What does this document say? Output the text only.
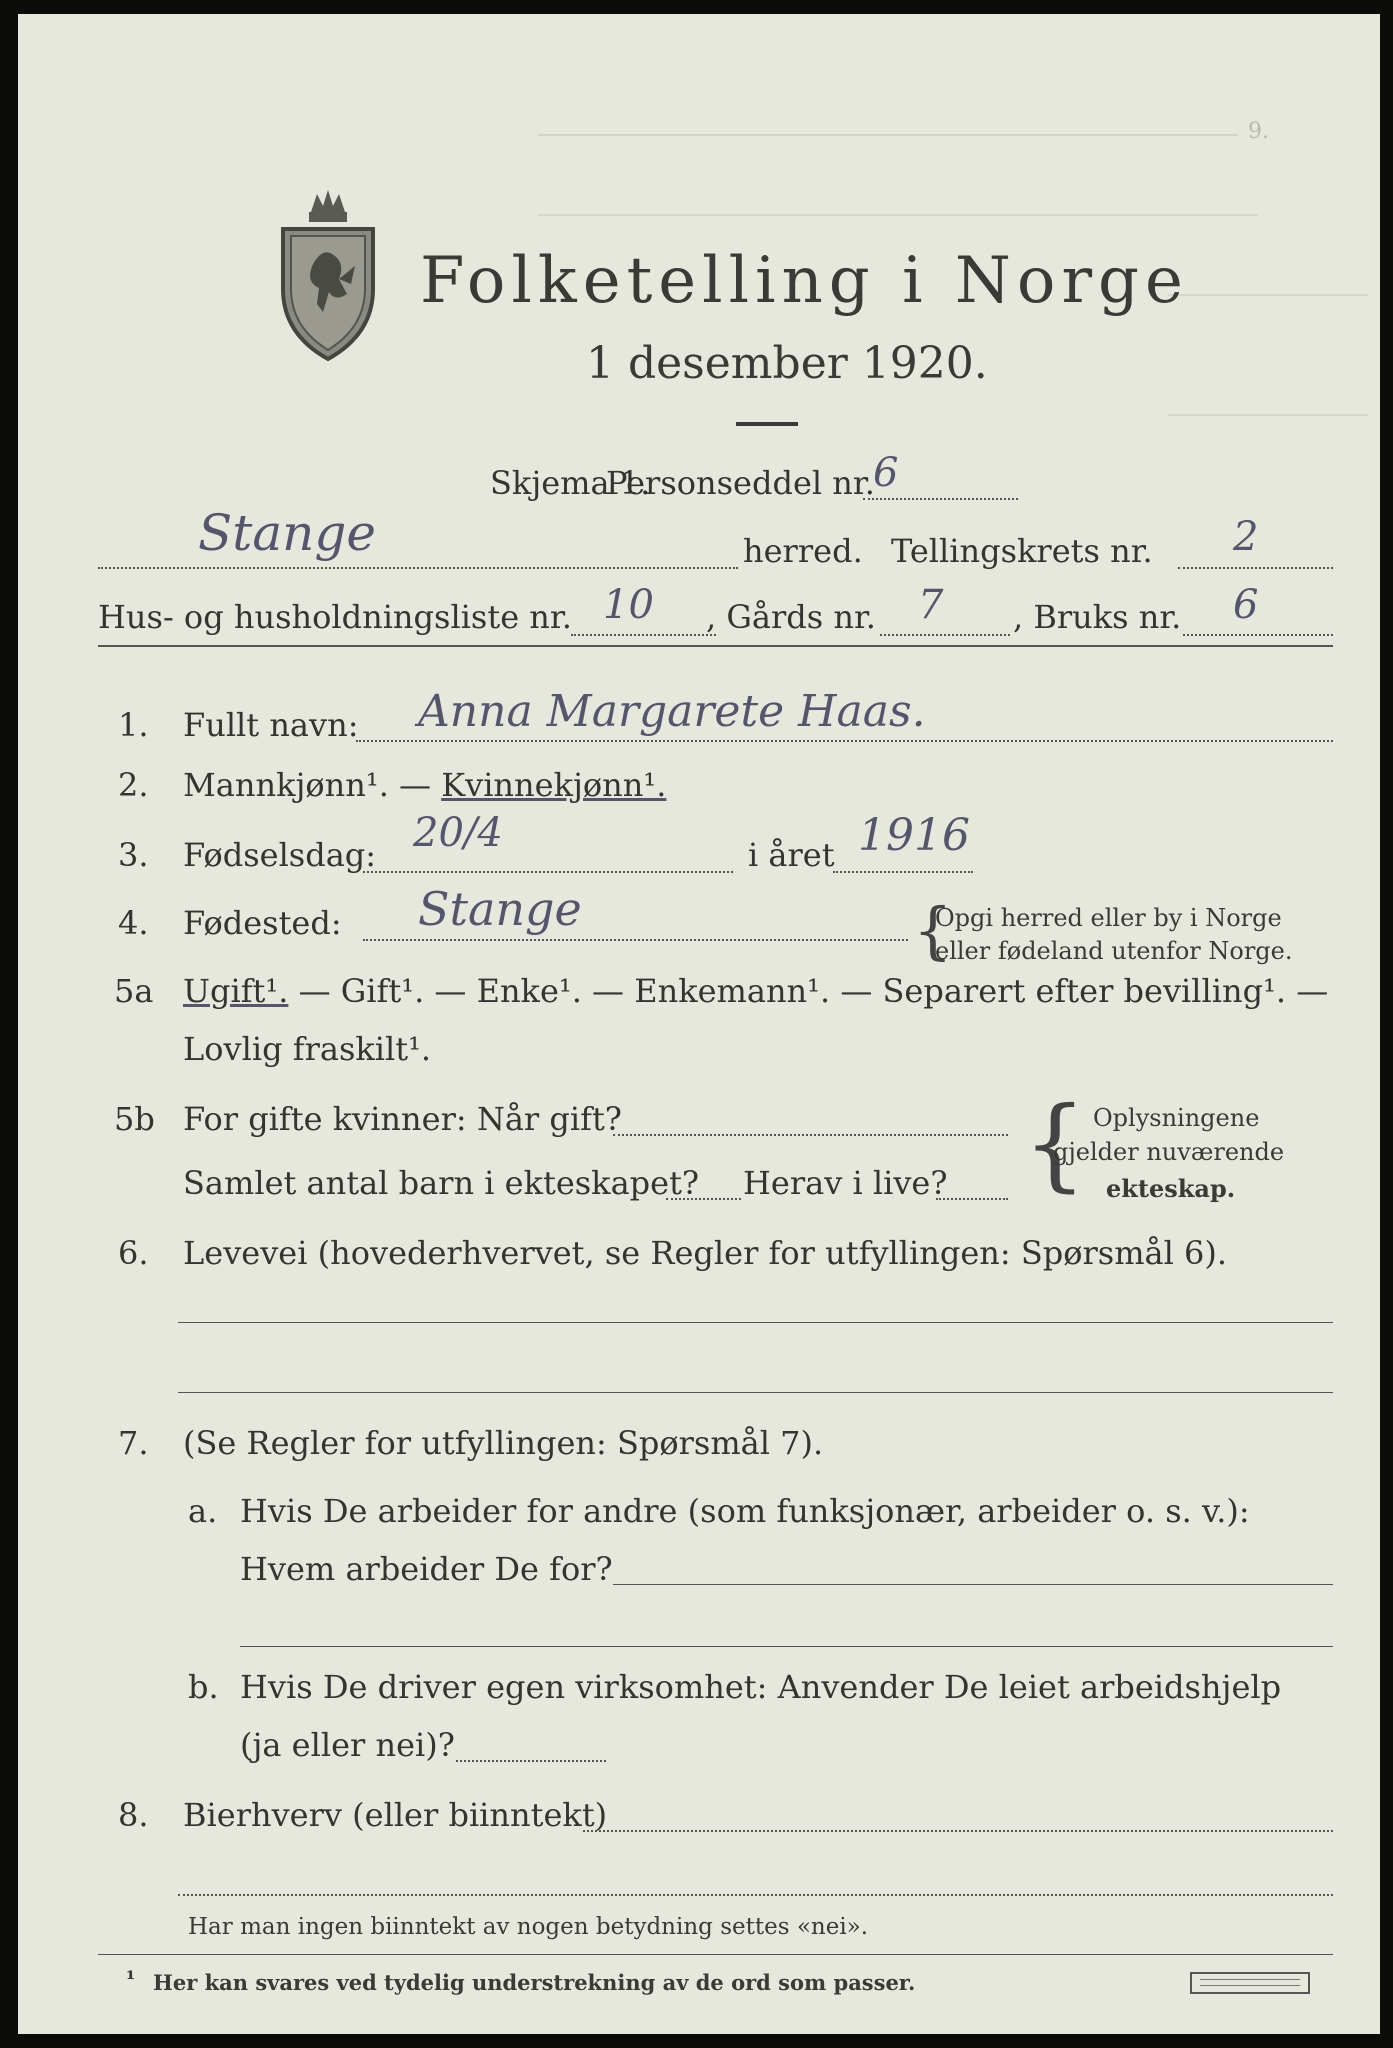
9.
Folketelling i Norge
1 desember 1920.
Skjema 1.
Personseddel nr.
6
Stange	herred. Tellingskrets nr. 2
Hus- og husholdningsliste nr. 10 , Gårds nr. 7 , Bruks nr. 6
1. Fullt navn: Anna Margarete Haas.
2. Mannkjønn¹. — Kvinnekjønn¹.
3. Fødselsdag: 20/4	i året 1916
4. Fødested: Stange	{
Opgi herred eller by i Norge
eller fødeland utenfor Norge.
5a Ugift¹. — Gift¹. — Enke¹. — Enkemann¹. — Separert efter bevilling¹. —
Lovlig fraskilt¹.
5b For gifte kvinner: Når gift?
Samlet antal barn i ekteskapet? Herav i live? { Oplysningene
gjelder nuværende
ekteskap.
6. Levevei (hovederhvervet, se Regler for utfyllingen: Spørsmål 6).
7. (Se Regler for utfyllingen: Spørsmål 7).
a. Hvis De arbeider for andre (som funksjonær, arbeider o. s. v.):
Hvem arbeider De for?
b. Hvis De driver egen virksomhet: Anvender De leiet arbeidshjelp
(ja eller nei)?
8. Bierhverv (eller biinntekt)
Har man ingen biinntekt av nogen betydning settes «nei».
¹ Her kan svares ved tydelig understrekning av de ord som passer.
